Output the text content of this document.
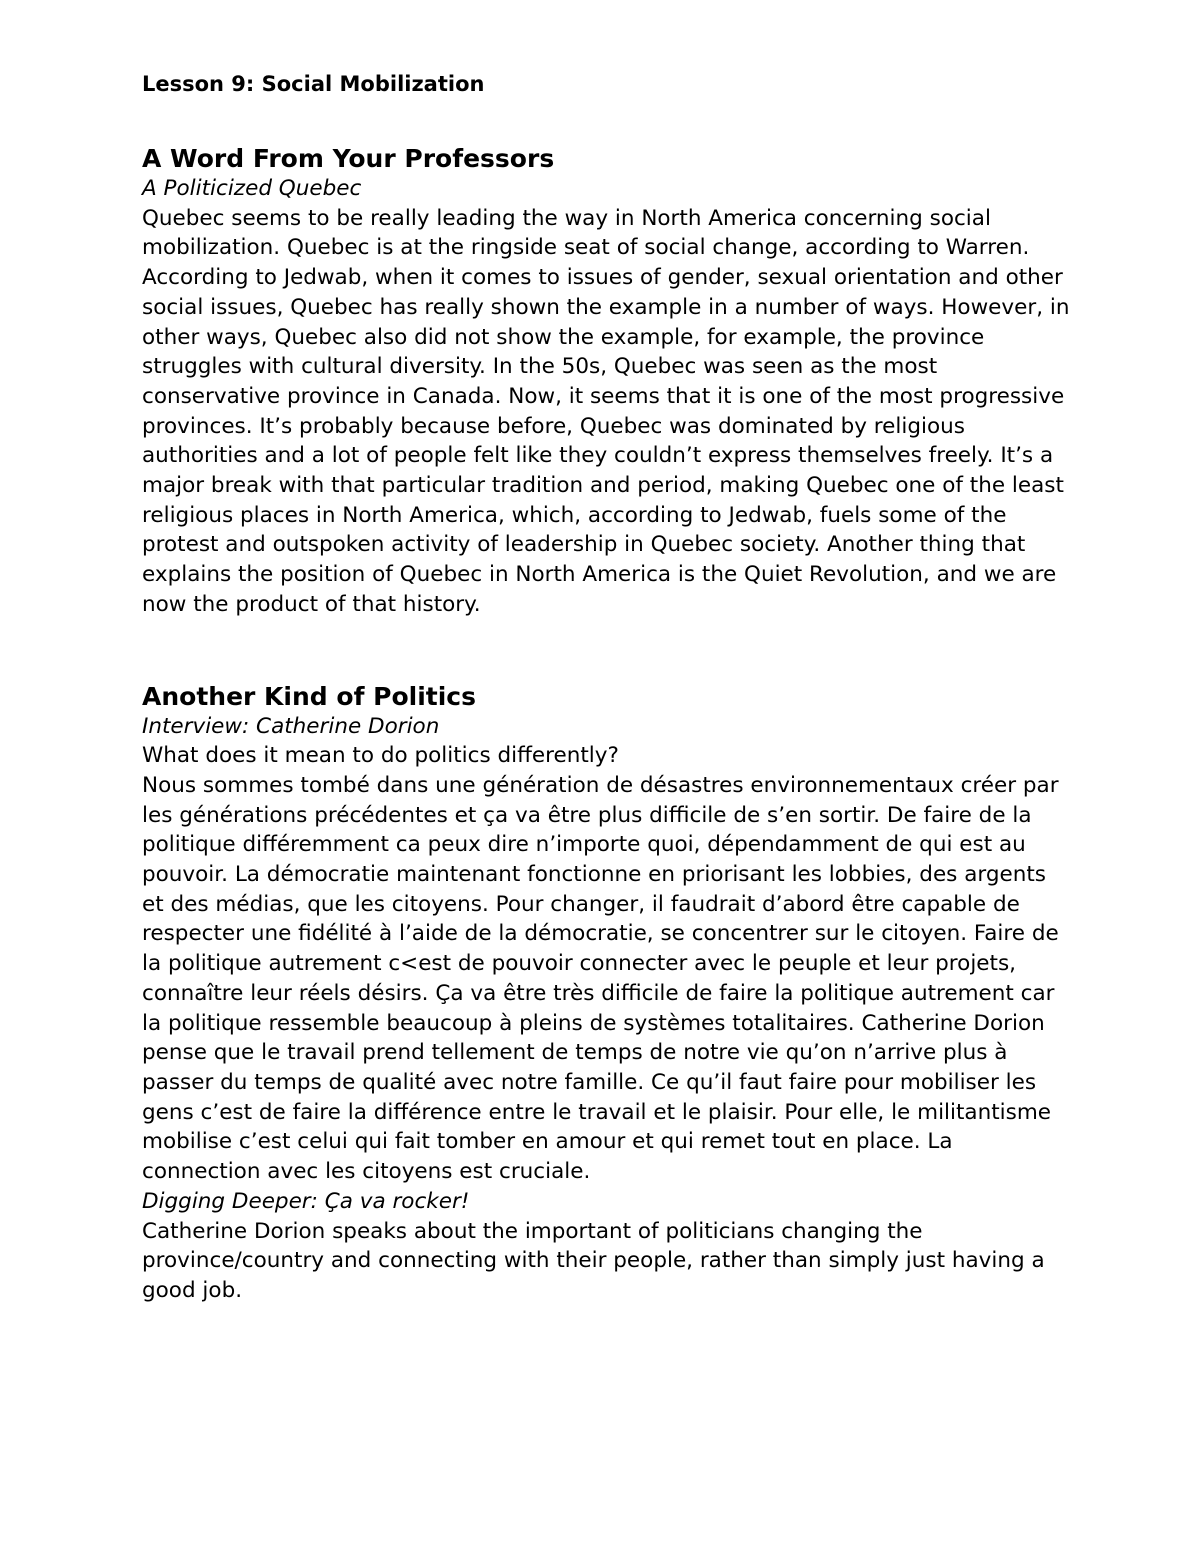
Lesson 9: Social Mobilization

A Word From Your Professors

A Politicized Quebec

Quebec seems to be really leading the way in North America concerning social mobilization. Quebec is at the ringside seat of social change, according to Warren. According to Jedwab, when it comes to issues of gender, sexual orientation and other social issues, Quebec has really shown the example in a number of ways. However, in other ways, Quebec also did not show the example, for example, the province struggles with cultural diversity. In the 50s, Quebec was seen as the most conservative province in Canada. Now, it seems that it is one of the most progressive provinces. It’s probably because before, Quebec was dominated by religious authorities and a lot of people felt like they couldn’t express themselves freely. It’s a major break with that particular tradition and period, making Quebec one of the least religious places in North America, which, according to Jedwab, fuels some of the protest and outspoken activity of leadership in Quebec society. Another thing that explains the position of Quebec in North America is the Quiet Revolution, and we are now the product of that history.

Another Kind of Politics

Interview: Catherine Dorion

What does it mean to do politics differently?

Nous sommes tombé dans une génération de désastres environnementaux créer par les générations précédentes et ça va être plus difficile de s’en sortir. De faire de la politique différemment ca peux dire n’importe quoi, dépendamment de qui est au pouvoir. La démocratie maintenant fonctionne en priorisant les lobbies, des argents et des médias, que les citoyens. Pour changer, il faudrait d’abord être capable de respecter une fidélité à l’aide de la démocratie, se concentrer sur le citoyen. Faire de la politique autrement c<est de pouvoir connecter avec le peuple et leur projets, connaître leur réels désirs. Ça va être très difficile de faire la politique autrement car la politique ressemble beaucoup à pleins de systèmes totalitaires. Catherine Dorion pense que le travail prend tellement de temps de notre vie qu’on n’arrive plus à passer du temps de qualité avec notre famille. Ce qu’il faut faire pour mobiliser les gens c’est de faire la différence entre le travail et le plaisir. Pour elle, le militantisme mobilise c’est celui qui fait tomber en amour et qui remet tout en place. La connection avec les citoyens est cruciale.

Digging Deeper: Ça va rocker!

Catherine Dorion speaks about the important of politicians changing the province/country and connecting with their people, rather than simply just having a good job.
